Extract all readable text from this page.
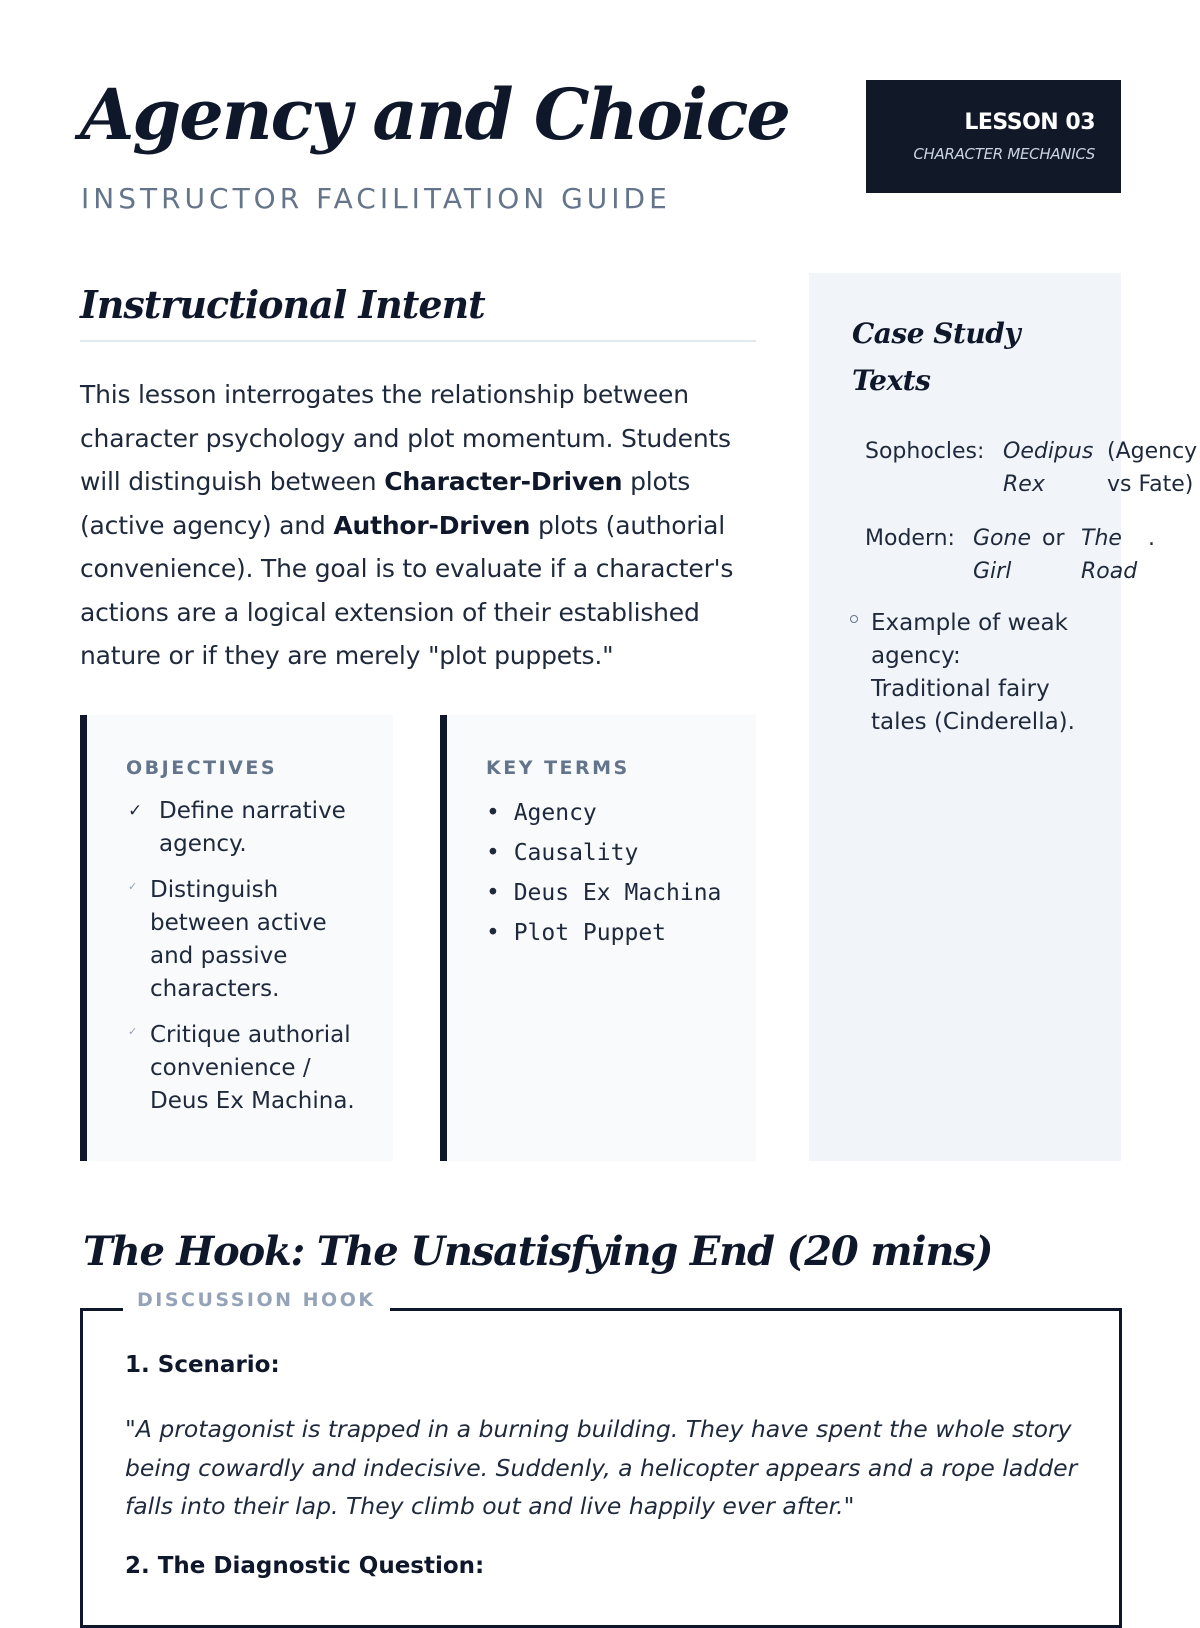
Agency and Choice
INSTRUCTOR FACILITATION GUIDE
LESSON 03
CHARACTER MECHANICS
Instructional Intent

This lesson interrogates the relationship between character psychology and plot momentum. Students will distinguish between Character-Driven plots (active agency) and Author-Driven plots (authorial convenience). The goal is to evaluate if a character's actions are a logical extension of their established nature or if they are merely "plot puppets."

OBJECTIVES
✓ Define narrative agency.
✓ Distinguish between active and passive characters.
✓ Critique authorial convenience / Deus Ex Machina.
KEY TERMS
• Agency
• Causality
• Deus Ex Machina
• Plot Puppet
Case Study Texts
Sophocles: Oedipus
Rex
(Agency
vs Fate)
Modern: Gone
Girl
or The
Road
.

Example of weak agency: Traditional fairy tales (Cinderella).

The Hook: The Unsatisfying End (20 mins)
DISCUSSION HOOK
1. Scenario:

"A protagonist is trapped in a burning building. They have spent the whole story being cowardly and indecisive. Suddenly, a helicopter appears and a rope ladder falls into their lap. They climb out and live happily ever after."

2. The Diagnostic Question:
